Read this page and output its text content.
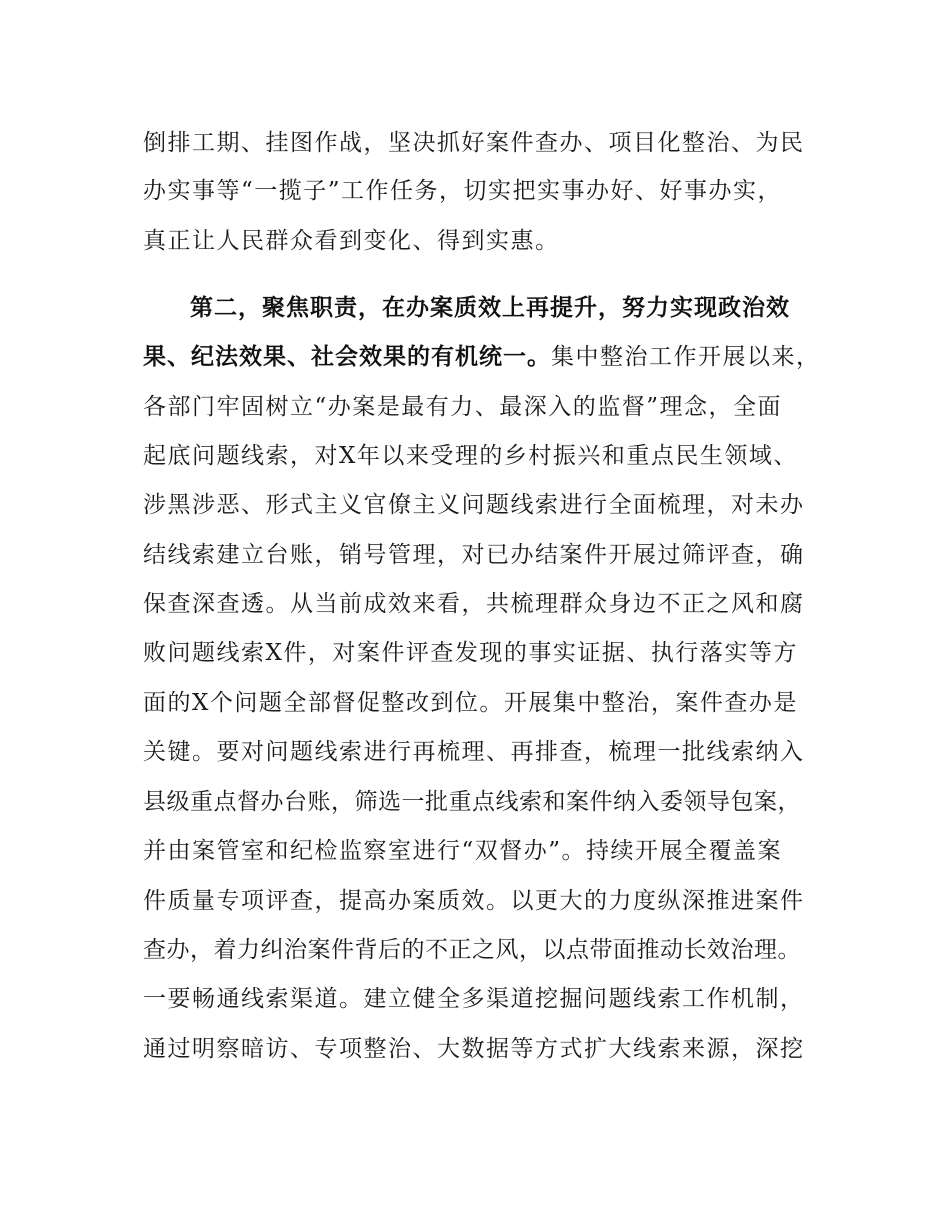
倒排工期、挂图作战，坚决抓好案件查办、项目化整治、为民
办实事等“一揽子”工作任务，切实把实事办好、好事办实，
真正让人民群众看到变化、得到实惠。
第二，聚焦职责，在办案质效上再提升，努力实现政治效
果、纪法效果、社会效果的有机统一。集中整治工作开展以来，
各部门牢固树立“办案是最有力、最深入的监督”理念，全面
起底问题线索，对X年以来受理的乡村振兴和重点民生领域、
涉黑涉恶、形式主义官僚主义问题线索进行全面梳理，对未办
结线索建立台账，销号管理，对已办结案件开展过筛评查，确
保查深查透。从当前成效来看，共梳理群众身边不正之风和腐
败问题线索X件，对案件评查发现的事实证据、执行落实等方
面的X个问题全部督促整改到位。开展集中整治，案件查办是
关键。要对问题线索进行再梳理、再排查，梳理一批线索纳入
县级重点督办台账，筛选一批重点线索和案件纳入委领导包案，
并由案管室和纪检监察室进行“双督办”。持续开展全覆盖案
件质量专项评查，提高办案质效。以更大的力度纵深推进案件
查办，着力纠治案件背后的不正之风，以点带面推动长效治理。
一要畅通线索渠道。建立健全多渠道挖掘问题线索工作机制，
通过明察暗访、专项整治、大数据等方式扩大线索来源，深挖
